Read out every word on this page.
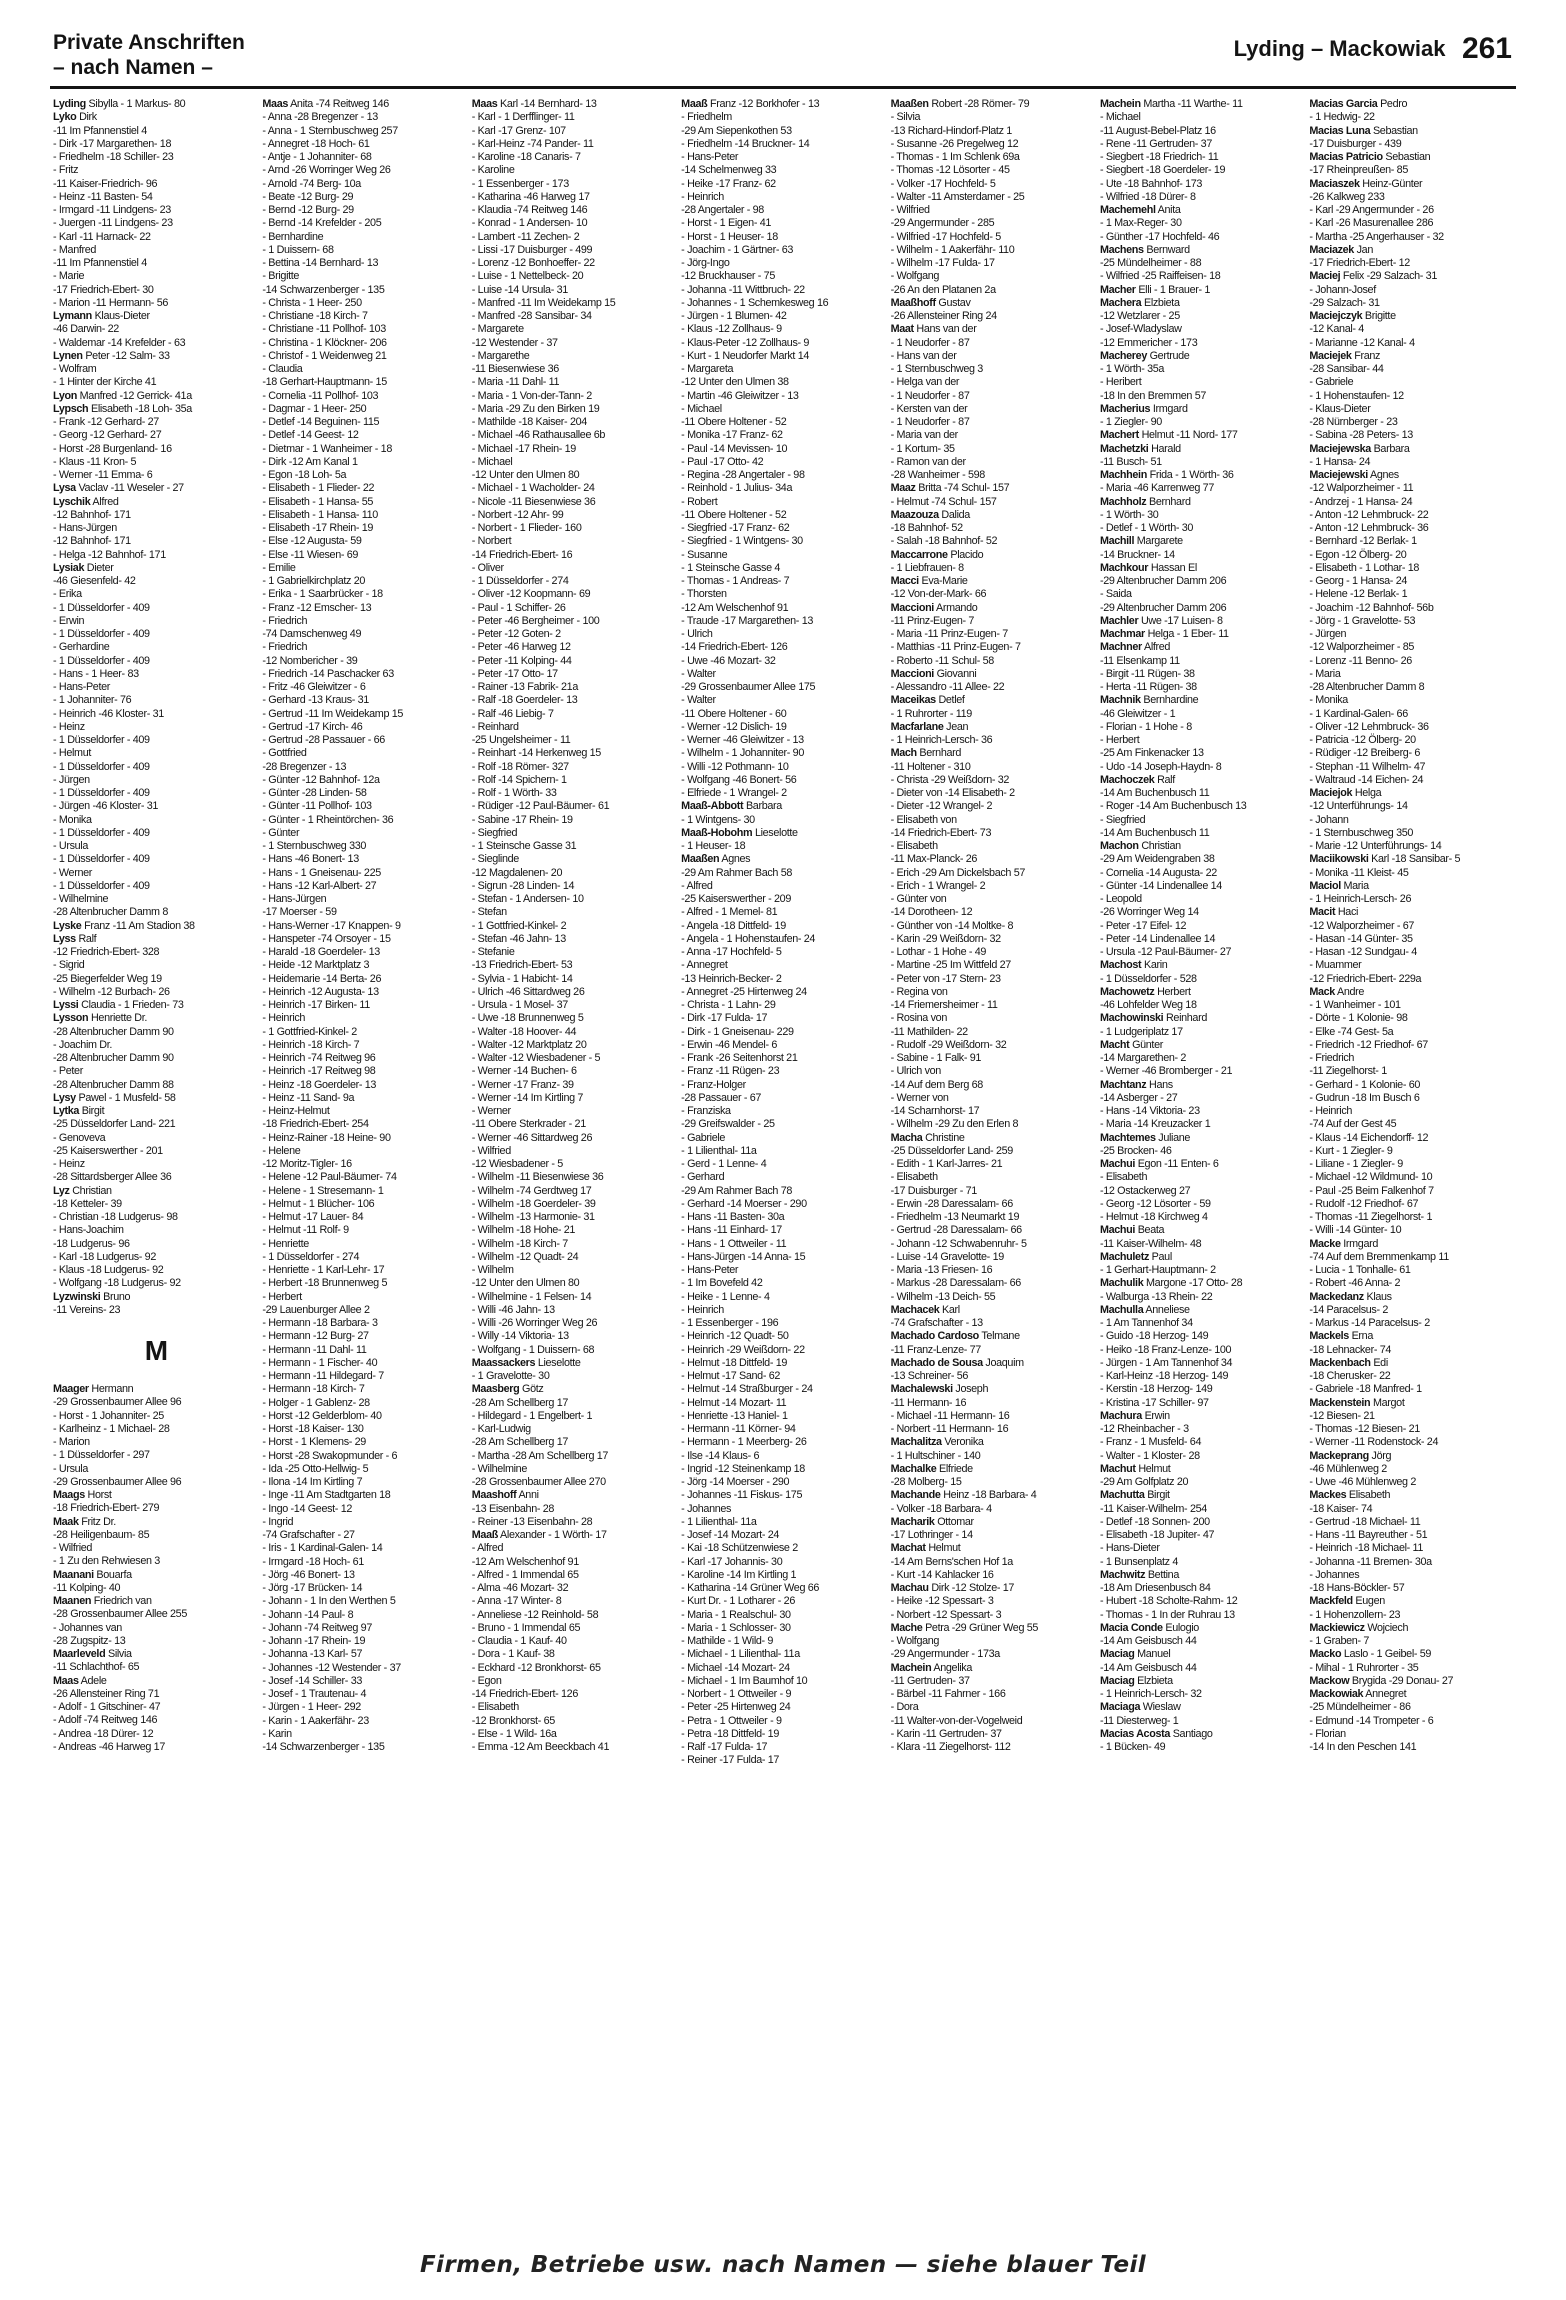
Private Anschriften
– nach Namen –
Lyding – Mackowiak 261
Lyding Sibylla - 1 Markus- 80
Lyko Dirk
-11 Im Pfannenstiel 4
- Dirk -17 Margarethen- 18
- Friedhelm -18 Schiller- 23
- Fritz
-11 Kaiser-Friedrich- 96
- Heinz -11 Basten- 54
- Irmgard -11 Lindgens- 23
- Juergen -11 Lindgens- 23
- Karl -11 Harnack- 22
- Manfred
-11 Im Pfannenstiel 4
- Marie
-17 Friedrich-Ebert- 30
- Marion -11 Hermann- 56
Lymann Klaus-Dieter
-46 Darwin- 22
- Waldemar -14 Krefelder - 63
Lynen Peter -12 Salm- 33
- Wolfram
- 1 Hinter der Kirche 41
Lyon Manfred -12 Gerrick- 41a
Lypsch Elisabeth -18 Loh- 35a
- Frank -12 Gerhard- 27
- Georg -12 Gerhard- 27
- Horst -28 Burgenland- 16
- Klaus -11 Kron- 5
- Werner -11 Emma- 6
Lysa Vaclav -11 Weseler - 27
Lyschik Alfred
-12 Bahnhof- 171
- Hans-Jürgen
-12 Bahnhof- 171
- Helga -12 Bahnhof- 171
Lysiak Dieter
-46 Giesenfeld- 42
- Erika
- 1 Düsseldorfer - 409
- Erwin
- 1 Düsseldorfer - 409
- Gerhardine
- 1 Düsseldorfer - 409
- Hans - 1 Heer- 83
- Hans-Peter
- 1 Johanniter- 76
- Heinrich -46 Kloster- 31
- Heinz
- 1 Düsseldorfer - 409
- Helmut
- 1 Düsseldorfer - 409
- Jürgen
- 1 Düsseldorfer - 409
- Jürgen -46 Kloster- 31
- Monika
- 1 Düsseldorfer - 409
- Ursula
- 1 Düsseldorfer - 409
- Werner
- 1 Düsseldorfer - 409
- Wilhelmine
-28 Altenbrucher Damm 8
Lyske Franz -11 Am Stadion 38
Lyss Ralf
-12 Friedrich-Ebert- 328
- Sigrid
-25 Biegerfelder Weg 19
- Wilhelm -12 Burbach- 26
Lyssi Claudia - 1 Frieden- 73
Lysson Henriette Dr.
-28 Altenbrucher Damm 90
- Joachim Dr.
-28 Altenbrucher Damm 90
- Peter
-28 Altenbrucher Damm 88
Lysy Pawel - 1 Musfeld- 58
Lytka Birgit
-25 Düsseldorfer Land- 221
- Genoveva
-25 Kaiserswerther - 201
- Heinz
-28 Sittardsberger Allee 36
Lyz Christian
-18 Ketteler- 39
- Christian -18 Ludgerus- 98
- Hans-Joachim
-18 Ludgerus- 96
- Karl -18 Ludgerus- 92
- Klaus -18 Ludgerus- 92
- Wolfgang -18 Ludgerus- 92
Lyzwinski Bruno
-11 Vereins- 23
M
Maager Hermann
-29 Grossenbaumer Allee 96
- Horst - 1 Johanniter- 25
- Karlheinz - 1 Michael- 28
- Marion
- 1 Düsseldorfer - 297
- Ursula
-29 Grossenbaumer Allee 96
Maags Horst
-18 Friedrich-Ebert- 279
Maak Fritz Dr.
-28 Heiligenbaum- 85
- Wilfried
- 1 Zu den Rehwiesen 3
Maanani Bouarfa
-11 Kolping- 40
Maanen Friedrich van
-28 Grossenbaumer Allee 255
- Johannes van
-28 Zugspitz- 13
Maarleveld Silvia
-11 Schlachthof- 65
Maas Adele
-26 Allensteiner Ring 71
- Adolf - 1 Gitschiner- 47
- Adolf -74 Reitweg 146
- Andrea -18 Dürer- 12
- Andreas -46 Harweg 17
Maas Anita -74 Reitweg 146
- Anna -28 Bregenzer - 13
- Anna - 1 Sternbuschweg 257
- Annegret -18 Hoch- 61
- Antje - 1 Johanniter- 68
- Arnd -26 Worringer Weg 26
- Arnold -74 Berg- 10a
- Beate -12 Burg- 29
- Bernd -12 Burg- 29
- Bernd -14 Krefelder - 205
- Bernhardine
- 1 Duissern- 68
- Bettina -14 Bernhard- 13
- Brigitte
-14 Schwarzenberger - 135
- Christa - 1 Heer- 250
- Christiane -18 Kirch- 7
- Christiane -11 Pollhof- 103
- Christina - 1 Klöckner- 206
- Christof - 1 Weidenweg 21
- Claudia
-18 Gerhart-Hauptmann- 15
- Cornelia -11 Pollhof- 103
- Dagmar - 1 Heer- 250
- Detlef -14 Beguinen- 115
- Detlef -14 Geest- 12
- Dietmar - 1 Wanheimer - 18
- Dirk -12 Am Kanal 1
- Egon -18 Loh- 5a
- Elisabeth - 1 Flieder- 22
- Elisabeth - 1 Hansa- 55
- Elisabeth - 1 Hansa- 110
- Elisabeth -17 Rhein- 19
- Else -12 Augusta- 59
- Else -11 Wiesen- 69
- Emilie
- 1 Gabrielkirchplatz 20
- Erika - 1 Saarbrücker - 18
- Franz -12 Emscher- 13
- Friedrich
-74 Damschenweg 49
- Friedrich
-12 Nombericher - 39
- Friedrich -14 Paschacker 63
- Fritz -46 Gleiwitzer - 6
- Gerhard -13 Kraus- 31
- Gertrud -11 Im Weidekamp 15
- Gertrud -17 Kirch- 46
- Gertrud -28 Passauer - 66
- Gottfried
-28 Bregenzer - 13
- Günter -12 Bahnhof- 12a
- Günter -28 Linden- 58
- Günter -11 Pollhof- 103
- Günter - 1 Rheintörchen- 36
- Günter
- 1 Sternbuschweg 330
- Hans -46 Bonert- 13
- Hans - 1 Gneisenau- 225
- Hans -12 Karl-Albert- 27
- Hans-Jürgen
-17 Moerser - 59
- Hans-Werner -17 Knappen- 9
- Hanspeter -74 Orsoyer - 15
- Harald -18 Goerdeler- 13
- Heide -12 Marktplatz 3
- Heidemarie -14 Berta- 26
- Heinrich -12 Augusta- 13
- Heinrich -17 Birken- 11
- Heinrich
- 1 Gottfried-Kinkel- 2
- Heinrich -18 Kirch- 7
- Heinrich -74 Reitweg 96
- Heinrich -17 Reitweg 98
- Heinz -18 Goerdeler- 13
- Heinz -11 Sand- 9a
- Heinz-Helmut
-18 Friedrich-Ebert- 254
- Heinz-Rainer -18 Heine- 90
- Helene
-12 Moritz-Tigler- 16
- Helene -12 Paul-Bäumer- 74
- Helene - 1 Stresemann- 1
- Helmut - 1 Blücher- 106
- Helmut -17 Lauer- 84
- Helmut -11 Rolf- 9
- Henriette
- 1 Düsseldorfer - 274
- Henriette - 1 Karl-Lehr- 17
- Herbert -18 Brunnenweg 5
- Herbert
-29 Lauenburger Allee 2
- Hermann -18 Barbara- 3
- Hermann -12 Burg- 27
- Hermann -11 Dahl- 11
- Hermann - 1 Fischer- 40
- Hermann -11 Hildegard- 7
- Hermann -18 Kirch- 7
- Holger - 1 Gablenz- 28
- Horst -12 Gelderblom- 40
- Horst -18 Kaiser- 130
- Horst - 1 Klemens- 29
- Horst -28 Swakopmunder - 6
- Ida -25 Otto-Hellwig- 5
- Ilona -14 Im Kirtling 7
- Inge -11 Am Stadtgarten 18
- Ingo -14 Geest- 12
- Ingrid
-74 Grafschafter - 27
- Iris - 1 Kardinal-Galen- 14
- Irmgard -18 Hoch- 61
- Jörg -46 Bonert- 13
- Jörg -17 Brücken- 14
- Johann - 1 In den Werthen 5
- Johann -14 Paul- 8
- Johann -74 Reitweg 97
- Johann -17 Rhein- 19
- Johanna -13 Karl- 57
- Johannes -12 Westender - 37
- Josef -14 Schiller- 33
- Josef - 1 Trautenau- 4
- Jürgen - 1 Heer- 292
- Karin - 1 Aakerfähr- 23
- Karin
-14 Schwarzenberger - 135
Maas Karl -14 Bernhard- 13
- Karl - 1 Derfflinger- 11
- Karl -17 Grenz- 107
- Karl-Heinz -74 Pander- 11
- Karoline -18 Canaris- 7
- Karoline
- 1 Essenberger - 173
- Katharina -46 Harweg 17
- Klaudia -74 Reitweg 146
- Konrad - 1 Andersen- 10
- Lambert -11 Zechen- 2
- Lissi -17 Duisburger - 499
- Lorenz -12 Bonhoeffer- 22
- Luise - 1 Nettelbeck- 20
- Luise -14 Ursula- 31
- Manfred -11 Im Weidekamp 15
- Manfred -28 Sansibar- 34
- Margarete
-12 Westender - 37
- Margarethe
-11 Biesenwiese 36
- Maria -11 Dahl- 11
- Maria - 1 Von-der-Tann- 2
- Maria -29 Zu den Birken 19
- Mathilde -18 Kaiser- 204
- Michael -46 Rathausallee 6b
- Michael -17 Rhein- 19
- Michael
-12 Unter den Ulmen 80
- Michael - 1 Wacholder- 24
- Nicole -11 Biesenwiese 36
- Norbert -12 Ahr- 99
- Norbert - 1 Flieder- 160
- Norbert
-14 Friedrich-Ebert- 16
- Oliver
- 1 Düsseldorfer - 274
- Oliver -12 Koopmann- 69
- Paul - 1 Schiffer- 26
- Peter -46 Bergheimer - 100
- Peter -12 Goten- 2
- Peter -46 Harweg 12
- Peter -11 Kolping- 44
- Peter -17 Otto- 17
- Rainer -13 Fabrik- 21a
- Ralf -18 Goerdeler- 13
- Ralf -46 Liebig- 7
- Reinhard
-25 Ungelsheimer - 11
- Reinhart -14 Herkenweg 15
- Rolf -18 Römer- 327
- Rolf -14 Spichern- 1
- Rolf - 1 Wörth- 33
- Rüdiger -12 Paul-Bäumer- 61
- Sabine -17 Rhein- 19
- Siegfried
- 1 Steinsche Gasse 31
- Sieglinde
-12 Magdalenen- 20
- Sigrun -28 Linden- 14
- Stefan - 1 Andersen- 10
- Stefan
- 1 Gottfried-Kinkel- 2
- Stefan -46 Jahn- 13
- Stefanie
-13 Friedrich-Ebert- 53
- Sylvia - 1 Habicht- 14
- Ulrich -46 Sittardweg 26
- Ursula - 1 Mosel- 37
- Uwe -18 Brunnenweg 5
- Walter -18 Hoover- 44
- Walter -12 Marktplatz 20
- Walter -12 Wiesbadener - 5
- Werner -14 Buchen- 6
- Werner -17 Franz- 39
- Werner -14 Im Kirtling 7
- Werner
-11 Obere Sterkrader - 21
- Werner -46 Sittardweg 26
- Wilfried
-12 Wiesbadener - 5
- Wilhelm -11 Biesenwiese 36
- Wilhelm -74 Gerdtweg 17
- Wilhelm -18 Goerdeler- 39
- Wilhelm -13 Harmonie- 31
- Wilhelm -18 Hohe- 21
- Wilhelm -18 Kirch- 7
- Wilhelm -12 Quadt- 24
- Wilhelm
-12 Unter den Ulmen 80
- Wilhelmine - 1 Felsen- 14
- Willi -46 Jahn- 13
- Willi -26 Worringer Weg 26
- Willy -14 Viktoria- 13
- Wolfgang - 1 Duissern- 68
Maassackers Lieselotte
- 1 Gravelotte- 30
Maasberg Götz
-28 Am Schellberg 17
- Hildegard - 1 Engelbert- 1
- Karl-Ludwig
-28 Am Schellberg 17
- Martha -28 Am Schellberg 17
- Wilhelmine
-28 Grossenbaumer Allee 270
Maashoff Anni
-13 Eisenbahn- 28
- Reiner -13 Eisenbahn- 28
Maaß Alexander - 1 Wörth- 17
- Alfred
-12 Am Welschenhof 91
- Alfred - 1 Immendal 65
- Alma -46 Mozart- 32
- Anna -17 Winter- 8
- Anneliese -12 Reinhold- 58
- Bruno - 1 Immendal 65
- Claudia - 1 Kauf- 40
- Dora - 1 Kauf- 38
- Eckhard -12 Bronkhorst- 65
- Egon
-14 Friedrich-Ebert- 126
- Elisabeth
-12 Bronkhorst- 65
- Else - 1 Wild- 16a
- Emma -12 Am Beeckbach 41
Maaß Franz -12 Borkhofer - 13
- Friedhelm
-29 Am Siepenkothen 53
- Friedhelm -14 Bruckner- 14
- Hans-Peter
-14 Schelmenweg 33
- Heike -17 Franz- 62
- Heinrich
-28 Angertaler - 98
- Horst - 1 Eigen- 41
- Horst - 1 Heuser- 18
- Joachim - 1 Gärtner- 63
- Jörg-Ingo
-12 Bruckhauser - 75
- Johanna -11 Wittbruch- 22
- Johannes - 1 Schemkesweg 16
- Jürgen - 1 Blumen- 42
- Klaus -12 Zollhaus- 9
- Klaus-Peter -12 Zollhaus- 9
- Kurt - 1 Neudorfer Markt 14
- Margareta
-12 Unter den Ulmen 38
- Martin -46 Gleiwitzer - 13
- Michael
-11 Obere Holtener - 52
- Monika -17 Franz- 62
- Paul -14 Mevissen- 10
- Paul -17 Otto- 42
- Regina -28 Angertaler - 98
- Reinhold - 1 Julius- 34a
- Robert
-11 Obere Holtener - 52
- Siegfried -17 Franz- 62
- Siegfried - 1 Wintgens- 30
- Susanne
- 1 Steinsche Gasse 4
- Thomas - 1 Andreas- 7
- Thorsten
-12 Am Welschenhof 91
- Traude -17 Margarethen- 13
- Ulrich
-14 Friedrich-Ebert- 126
- Uwe -46 Mozart- 32
- Walter
-29 Grossenbaumer Allee 175
- Walter
-11 Obere Holtener - 60
- Werner -12 Dislich- 19
- Werner -46 Gleiwitzer - 13
- Wilhelm - 1 Johanniter- 90
- Willi -12 Pothmann- 10
- Wolfgang -46 Bonert- 56
- Elfriede - 1 Wrangel- 2
Maaß-Abbott Barbara
- 1 Wintgens- 30
Maaß-Hobohm Lieselotte
- 1 Heuser- 18
Maaßen Agnes
-29 Am Rahmer Bach 58
- Alfred
-25 Kaiserswerther - 209
- Alfred - 1 Memel- 81
- Angela -18 Dittfeld- 19
- Angela - 1 Hohenstaufen- 24
- Anna -17 Hochfeld- 5
- Annegret
-13 Heinrich-Becker- 2
- Annegret -25 Hirtenweg 24
- Christa - 1 Lahn- 29
- Dirk -17 Fulda- 17
- Dirk - 1 Gneisenau- 229
- Erwin -46 Mendel- 6
- Frank -26 Seitenhorst 21
- Franz -11 Rügen- 23
- Franz-Holger
-28 Passauer - 67
- Franziska
-29 Greifswalder - 25
- Gabriele
- 1 Lilienthal- 11a
- Gerd - 1 Lenne- 4
- Gerhard
-29 Am Rahmer Bach 78
- Gerhard -14 Moerser - 290
- Hans -11 Basten- 30a
- Hans -11 Einhard- 17
- Hans - 1 Ottweiler - 11
- Hans-Jürgen -14 Anna- 15
- Hans-Peter
- 1 Im Bovefeld 42
- Heike - 1 Lenne- 4
- Heinrich
- 1 Essenberger - 196
- Heinrich -12 Quadt- 50
- Heinrich -29 Weißdorn- 22
- Helmut -18 Dittfeld- 19
- Helmut -17 Sand- 62
- Helmut -14 Straßburger - 24
- Helmut -14 Mozart- 11
- Henriette -13 Haniel- 1
- Hermann -11 Körner- 94
- Hermann - 1 Meerberg- 26
- Ilse -14 Klaus- 6
- Ingrid -12 Steinenkamp 18
- Jörg -14 Moerser - 290
- Johannes -11 Fiskus- 175
- Johannes
- 1 Lilienthal- 11a
- Josef -14 Mozart- 24
- Kai -18 Schützenwiese 2
- Karl -17 Johannis- 30
- Karoline -14 Im Kirtling 1
- Katharina -14 Grüner Weg 66
- Kurt Dr. - 1 Lotharer - 26
- Maria - 1 Realschul- 30
- Maria - 1 Schlosser- 30
- Mathilde - 1 Wild- 9
- Michael - 1 Lilienthal- 11a
- Michael -14 Mozart- 24
- Michael - 1 Im Baumhof 10
- Norbert - 1 Ottweiler - 9
- Peter -25 Hirtenweg 24
- Petra - 1 Ottweiler - 9
- Petra -18 Dittfeld- 19
- Ralf -17 Fulda- 17
- Reiner -17 Fulda- 17
Maaßen Robert -28 Römer- 79
- Silvia
-13 Richard-Hindorf-Platz 1
- Susanne -26 Pregelweg 12
- Thomas - 1 Im Schlenk 69a
- Thomas -12 Lösorter - 45
- Volker -17 Hochfeld- 5
- Walter -11 Amsterdamer - 25
- Wilfried
-29 Angermunder - 285
- Wilfried -17 Hochfeld- 5
- Wilhelm - 1 Aakerfähr- 110
- Wilhelm -17 Fulda- 17
- Wolfgang
-26 An den Platanen 2a
Maaßhoff Gustav
-26 Allensteiner Ring 24
Maat Hans van der
- 1 Neudorfer - 87
- Hans van der
- 1 Sternbuschweg 3
- Helga van der
- 1 Neudorfer - 87
- Kersten van der
- 1 Neudorfer - 87
- Maria van der
- 1 Kortum- 35
- Ramon van der
-28 Wanheimer - 598
Maaz Britta -74 Schul- 157
- Helmut -74 Schul- 157
Maazouza Dalida
-18 Bahnhof- 52
- Salah -18 Bahnhof- 52
Maccarrone Placido
- 1 Liebfrauen- 8
Macci Eva-Marie
-12 Von-der-Mark- 66
Maccioni Armando
-11 Prinz-Eugen- 7
- Maria -11 Prinz-Eugen- 7
- Matthias -11 Prinz-Eugen- 7
- Roberto -11 Schul- 58
Maccioni Giovanni
- Alessandro -11 Allee- 22
Maceikas Detlef
- 1 Ruhrorter - 119
Macfarlane Jean
- 1 Heinrich-Lersch- 36
Mach Bernhard
-11 Holtener - 310
- Christa -29 Weißdorn- 32
- Dieter von -14 Elisabeth- 2
- Dieter -12 Wrangel- 2
- Elisabeth von
-14 Friedrich-Ebert- 73
- Elisabeth
-11 Max-Planck- 26
- Erich -29 Am Dickelsbach 57
- Erich - 1 Wrangel- 2
- Günter von
-14 Dorotheen- 12
- Günther von -14 Moltke- 8
- Karin -29 Weißdorn- 32
- Lothar - 1 Hohe - 49
- Martine -25 Im Wittfeld 27
- Peter von -17 Stern- 23
- Regina von
-14 Friemersheimer - 11
- Rosina von
-11 Mathilden- 22
- Rudolf -29 Weißdorn- 32
- Sabine - 1 Falk- 91
- Ulrich von
-14 Auf dem Berg 68
- Werner von
-14 Scharnhorst- 17
- Wilhelm -29 Zu den Erlen 8
Macha Christine
-25 Düsseldorfer Land- 259
- Edith - 1 Karl-Jarres- 21
- Elisabeth
-17 Duisburger - 71
- Erwin -28 Daressalam- 66
- Friedhelm -13 Neumarkt 19
- Gertrud -28 Daressalam- 66
- Johann -12 Schwabenruhr- 5
- Luise -14 Gravelotte- 19
- Maria -13 Friesen- 16
- Markus -28 Daressalam- 66
- Wilhelm -13 Deich- 55
Machacek Karl
-74 Grafschafter - 13
Machado Cardoso Telmane
-11 Franz-Lenze- 77
Machado de Sousa Joaquim
-13 Schreiner- 56
Machalewski Joseph
-11 Hermann- 16
- Michael -11 Hermann- 16
- Norbert -11 Hermann- 16
Machalitza Veronika
- 1 Hultschiner - 140
Machalke Elfriede
-28 Molberg- 15
Machande Heinz -18 Barbara- 4
- Volker -18 Barbara- 4
Macharik Ottomar
-17 Lothringer - 14
Machat Helmut
-14 Am Berns'schen Hof 1a
- Kurt -14 Kahlacker 16
Machau Dirk -12 Stolze- 17
- Heike -12 Spessart- 3
- Norbert -12 Spessart- 3
Mache Petra -29 Grüner Weg 55
- Wolfgang
-29 Angermunder - 173a
Machein Angelika
-11 Gertruden- 37
- Bärbel -11 Fahrner - 166
- Dora
-11 Walter-von-der-Vogelweid
- Karin -11 Gertruden- 37
- Klara -11 Ziegelhorst- 112
Machein Martha -11 Warthe- 11
- Michael
-11 August-Bebel-Platz 16
- Rene -11 Gertruden- 37
- Siegbert -18 Friedrich- 11
- Siegbert -18 Goerdeler- 19
- Ute -18 Bahnhof- 173
- Wilfried -18 Dürer- 8
Machemehl Anita
- 1 Max-Reger- 30
- Günther -17 Hochfeld- 46
Machens Bernward
-25 Mündelheimer - 88
- Wilfried -25 Raiffeisen- 18
Macher Elli - 1 Brauer- 1
Machera Elzbieta
-12 Wetzlarer - 25
- Josef-Wladyslaw
-12 Emmericher - 173
Macherey Gertrude
- 1 Wörth- 35a
- Heribert
-18 In den Bremmen 57
Macherius Irmgard
- 1 Ziegler- 90
Machert Helmut -11 Nord- 177
Machetzki Harald
-11 Busch- 51
Machhein Frida - 1 Wörth- 36
- Maria -46 Karrenweg 77
Machholz Bernhard
- 1 Wörth- 30
- Detlef - 1 Wörth- 30
Machill Margarete
-14 Bruckner- 14
Machkour Hassan El
-29 Altenbrucher Damm 206
- Saida
-29 Altenbrucher Damm 206
Machler Uwe -17 Luisen- 8
Machmar Helga - 1 Eber- 11
Machner Alfred
-11 Elsenkamp 11
- Birgit -11 Rügen- 38
- Herta -11 Rügen- 38
Machnik Bernhardine
-46 Gleiwitzer - 1
- Florian - 1 Hohe - 8
- Herbert
-25 Am Finkenacker 13
- Udo -14 Joseph-Haydn- 8
Machoczek Ralf
-14 Am Buchenbusch 11
- Roger -14 Am Buchenbusch 13
- Siegfried
-14 Am Buchenbusch 11
Machon Christian
-29 Am Weidengraben 38
- Cornelia -14 Augusta- 22
- Günter -14 Lindenallee 14
- Leopold
-26 Worringer Weg 14
- Peter -17 Eifel- 12
- Peter -14 Lindenallee 14
- Ursula -12 Paul-Bäumer- 27
Machost Karin
- 1 Düsseldorfer - 528
Machowetz Herbert
-46 Lohfelder Weg 18
Machowinski Reinhard
- 1 Ludgeriplatz 17
Macht Günter
-14 Margarethen- 2
- Werner -46 Bromberger - 21
Machtanz Hans
-14 Asberger - 27
- Hans -14 Viktoria- 23
- Maria -14 Kreuzacker 1
Machtemes Juliane
-25 Brocken- 46
Machui Egon -11 Enten- 6
- Elisabeth
-12 Ostackerweg 27
- Georg -12 Lösorter - 59
- Helmut -18 Kirchweg 4
Machui Beata
-11 Kaiser-Wilhelm- 48
Machuletz Paul
- 1 Gerhart-Hauptmann- 2
Machulik Margone -17 Otto- 28
- Walburga -13 Rhein- 22
Machulla Anneliese
- 1 Am Tannenhof 34
- Guido -18 Herzog- 149
- Heiko -18 Franz-Lenze- 100
- Jürgen - 1 Am Tannenhof 34
- Karl-Heinz -18 Herzog- 149
- Kerstin -18 Herzog- 149
- Kristina -17 Schiller- 97
Machura Erwin
-12 Rheinbacher - 3
- Franz - 1 Musfeld- 64
- Walter - 1 Kloster- 28
Machut Helmut
-29 Am Golfplatz 20
Machutta Birgit
-11 Kaiser-Wilhelm- 254
- Detlef -18 Sonnen- 200
- Elisabeth -18 Jupiter- 47
- Hans-Dieter
- 1 Bunsenplatz 4
Machwitz Bettina
-18 Am Driesenbusch 84
- Hubert -18 Scholte-Rahm- 12
- Thomas - 1 In der Ruhrau 13
Macia Conde Eulogio
-14 Am Geisbusch 44
Maciag Manuel
-14 Am Geisbusch 44
Maciag Elzbieta
- 1 Heinrich-Lersch- 32
Maciaga Wieslaw
-11 Diesterweg- 1
Macias Acosta Santiago
- 1 Bücken- 49
Macias Garcia Pedro
- 1 Hedwig- 22
Macias Luna Sebastian
-17 Duisburger - 439
Macias Patricio Sebastian
-17 Rheinpreußen- 85
Maciaszek Heinz-Günter
-26 Kalkweg 233
- Karl -29 Angermunder - 26
- Karl -26 Masurenallee 286
- Martha -25 Angerhauser - 32
Maciazek Jan
-17 Friedrich-Ebert- 12
Maciej Felix -29 Salzach- 31
- Johann-Josef
-29 Salzach- 31
Maciejczyk Brigitte
-12 Kanal- 4
- Marianne -12 Kanal- 4
Maciejek Franz
-28 Sansibar- 44
- Gabriele
- 1 Hohenstaufen- 12
- Klaus-Dieter
-28 Nürnberger - 23
- Sabina -28 Peters- 13
Maciejewska Barbara
- 1 Hansa- 24
Maciejewski Agnes
-12 Walporzheimer - 11
- Andrzej - 1 Hansa- 24
- Anton -12 Lehmbruck- 22
- Anton -12 Lehmbruck- 36
- Bernhard -12 Berlak- 1
- Egon -12 Ölberg- 20
- Elisabeth - 1 Lothar- 18
- Georg - 1 Hansa- 24
- Helene -12 Berlak- 1
- Joachim -12 Bahnhof- 56b
- Jörg - 1 Gravelotte- 53
- Jürgen
-12 Walporzheimer - 85
- Lorenz -11 Benno- 26
- Maria
-28 Altenbrucher Damm 8
- Monika
- 1 Kardinal-Galen- 66
- Oliver -12 Lehmbruck- 36
- Patricia -12 Ölberg- 20
- Rüdiger -12 Breiberg- 6
- Stephan -11 Wilhelm- 47
- Waltraud -14 Eichen- 24
Maciejok Helga
-12 Unterführungs- 14
- Johann
- 1 Sternbuschweg 350
- Marie -12 Unterführungs- 14
Maciikowski Karl -18 Sansibar- 5
- Monika -11 Kleist- 45
Maciol Maria
- 1 Heinrich-Lersch- 26
Macit Haci
-12 Walporzheimer - 67
- Hasan -14 Günter- 35
- Hasan -12 Sundgau- 4
- Muammer
-12 Friedrich-Ebert- 229a
Mack Andre
- 1 Wanheimer - 101
- Dörte - 1 Kolonie- 98
- Elke -74 Gest- 5a
- Friedrich -12 Friedhof- 67
- Friedrich
-11 Ziegelhorst- 1
- Gerhard - 1 Kolonie- 60
- Gudrun -18 Im Busch 6
- Heinrich
-74 Auf der Gest 45
- Klaus -14 Eichendorff- 12
- Kurt - 1 Ziegler- 9
- Liliane - 1 Ziegler- 9
- Michael -12 Wildmund- 10
- Paul -25 Beim Falkenhof 7
- Rudolf -12 Friedhof- 67
- Thomas -11 Ziegelhorst- 1
- Willi -14 Günter- 10
Macke Irmgard
-74 Auf dem Bremmenkamp 11
- Lucia - 1 Tonhalle- 61
- Robert -46 Anna- 2
Mackedanz Klaus
-14 Paracelsus- 2
- Markus -14 Paracelsus- 2
Mackels Erna
-18 Lehnacker- 74
Mackenbach Edi
-18 Cherusker- 22
- Gabriele -18 Manfred- 1
Mackenstein Margot
-12 Biesen- 21
- Thomas -12 Biesen- 21
- Werner -11 Rodenstock- 24
Mackeprang Jörg
-46 Mühlenweg 2
- Uwe -46 Mühlenweg 2
Mackes Elisabeth
-18 Kaiser- 74
- Gertrud -18 Michael- 11
- Hans -11 Bayreuther - 51
- Heinrich -18 Michael- 11
- Johanna -11 Bremen- 30a
- Johannes
-18 Hans-Böckler- 57
Mackfeld Eugen
- 1 Hohenzollern- 23
Mackiewicz Wojciech
- 1 Graben- 7
Macko Laslo - 1 Geibel- 59
- Mihal - 1 Ruhrorter - 35
Mackow Brygida -29 Donau- 27
Mackowiak Annegret
-25 Mündelheimer - 86
- Edmund -14 Trompeter - 6
- Florian
-14 In den Peschen 141
Firmen, Betriebe usw. nach Namen — siehe blauer Teil
